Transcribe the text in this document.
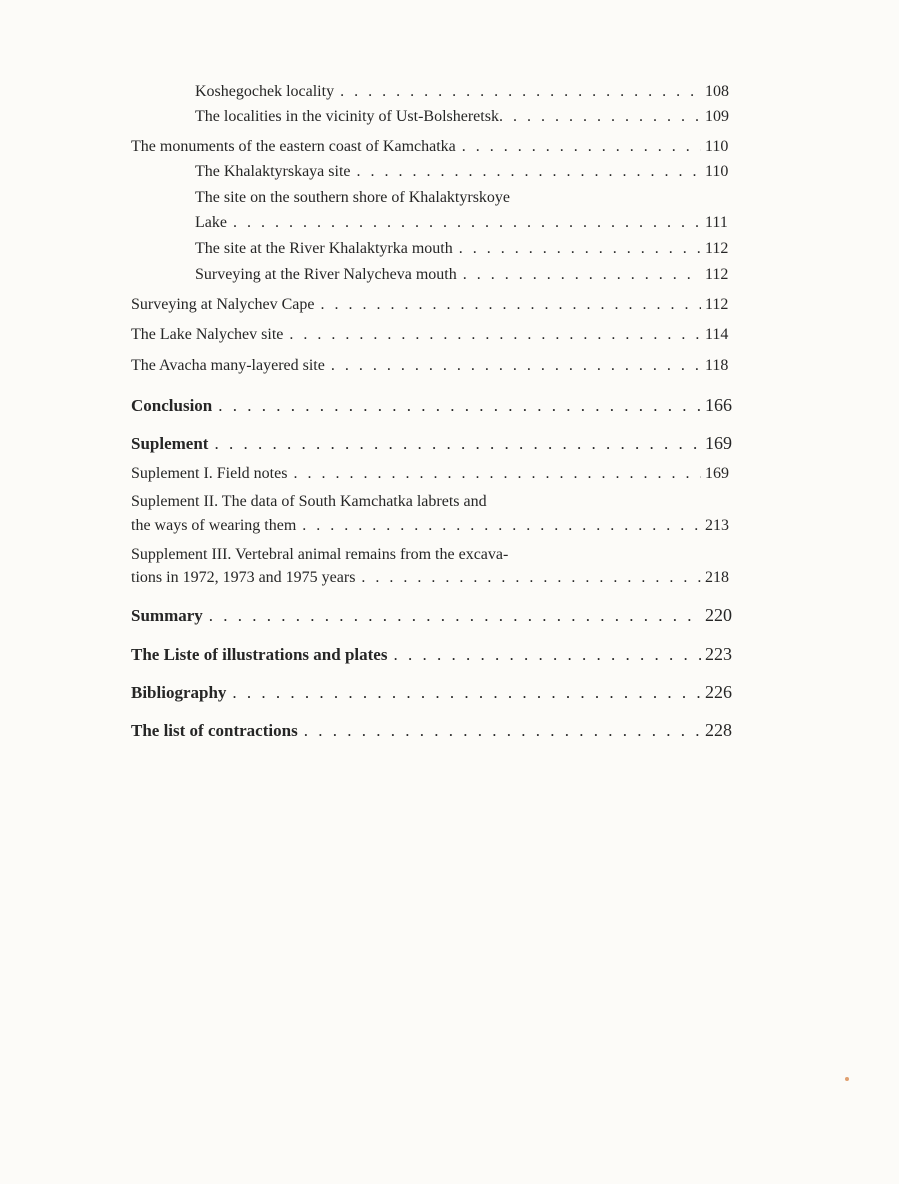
Koshegochek locality . . .	108
The localities in the vicinity of Ust-Bolsheretsk . . .	109
The monuments of the eastern coast of Kamchatka . . .	110
The Khalaktyrskaya site . . .	110
The site on the southern shore of Khalaktyrskoye
Lake . . .	111
The site at the River Khalaktyrka mouth . . .	112
Surveying at the River Nalycheva mouth . . .	112
Surveying at Nalychev Cape . . .	112
The Lake Nalychev site . . .	114
The Avacha many-layered site . . .	118
Conclusion . . .	166
Suplement . . .	169
Suplement I. Field notes . . .	169
Suplement II. The data of South Kamchatka labrets and
the ways of wearing them . . .	213
Supplement III. Vertebral animal remains from the excava-
tions in 1972, 1973 and 1975 years . . .	218
Summary . . .	220
The Liste of illustrations and plates . . .	223
Bibliography . . .	226
The list of contractions . . .	228
